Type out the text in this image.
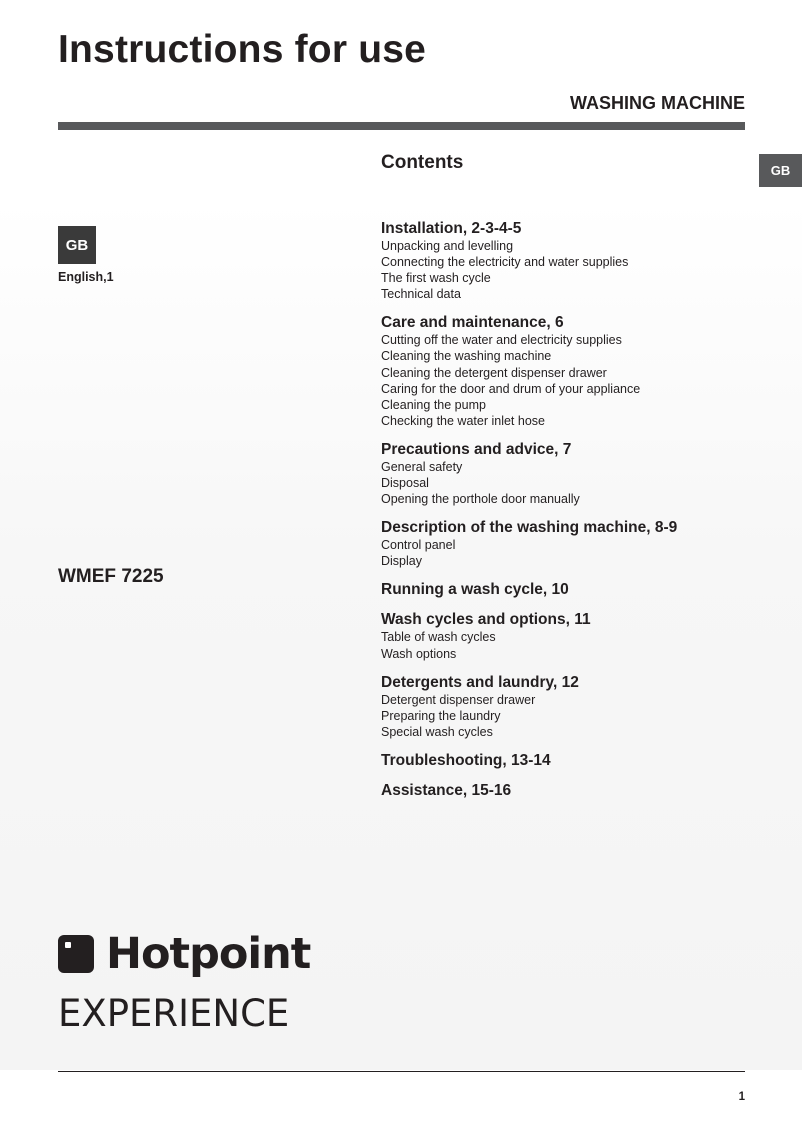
Instructions for use
WASHING MACHINE
GB
GB
English,1
WMEF 7225
Contents
Installation, 2-3-4-5
Unpacking and levelling
Connecting the electricity and water supplies
The first wash cycle
Technical data
Care and maintenance, 6
Cutting off the water and electricity supplies
Cleaning the washing machine
Cleaning the detergent dispenser drawer
Caring for the door and drum of your appliance
Cleaning the pump
Checking the water inlet hose
Precautions and advice, 7
General safety
Disposal
Opening the porthole door manually
Description of the washing machine, 8-9
Control panel
Display
Running a wash cycle, 10
Wash cycles and options, 11
Table of wash cycles
Wash options
Detergents and laundry, 12
Detergent dispenser drawer
Preparing the laundry
Special wash cycles
Troubleshooting, 13-14
Assistance, 15-16
Hotpoint
EXPERIENCE
1
